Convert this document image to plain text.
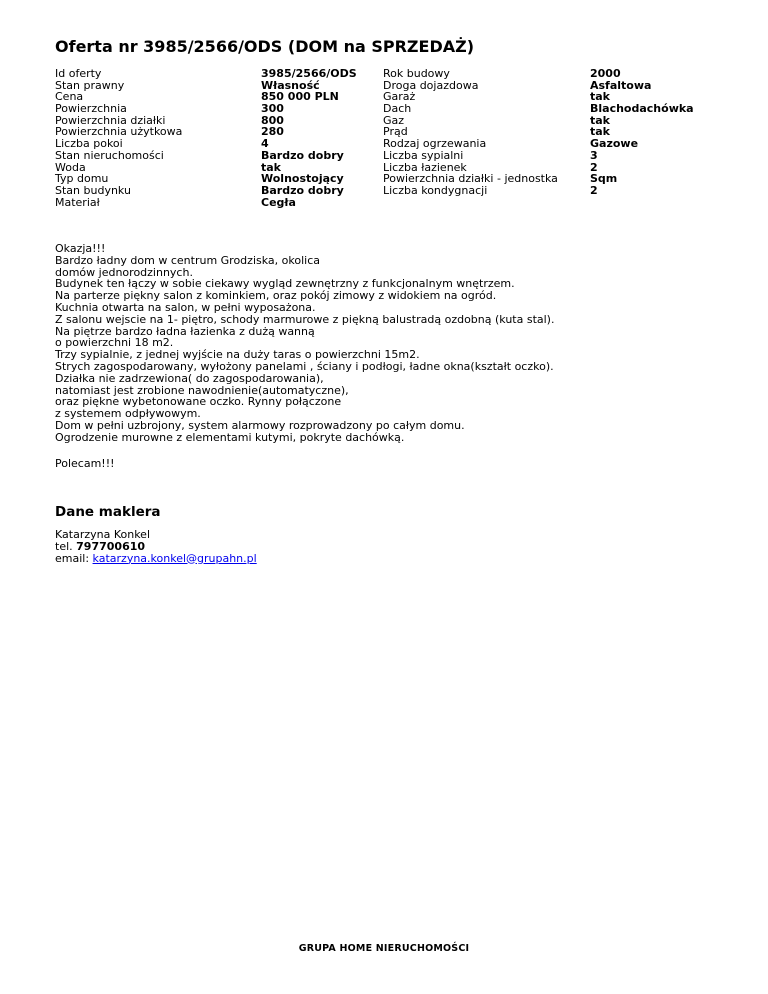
Oferta nr 3985/2566/ODS (DOM na SPRZEDAŻ)
Id oferty
Stan prawny
Cena
Powierzchnia
Powierzchnia działki
Powierzchnia użytkowa
Liczba pokoi
Stan nieruchomości
Woda
Typ domu
Stan budynku
Materiał
3985/2566/ODS
Własność
850 000 PLN
300
800
280
4
Bardzo dobry
tak
Wolnostojący
Bardzo dobry
Cegła
Rok budowy
Droga dojazdowa
Garaż
Dach
Gaz
Prąd
Rodzaj ogrzewania
Liczba sypialni
Liczba łazienek
Powierzchnia działki - jednostka
Liczba kondygnacji
2000
Asfaltowa
tak
Blachodachówka
tak
tak
Gazowe
3
2
Sqm
2

Okazja!!!
Bardzo ładny dom w centrum Grodziska, okolica
domów jednorodzinnych.
Budynek ten łączy w sobie ciekawy wygląd zewnętrzny z funkcjonalnym wnętrzem.
Na parterze piękny salon z kominkiem, oraz pokój zimowy z widokiem na ogród.
Kuchnia otwarta na salon, w pełni wyposażona.
Z salonu wejscie na 1- piętro, schody marmurowe z piękną balustradą ozdobną (kuta stal).
Na piętrze bardzo ładna łazienka z dużą wanną
o powierzchni 18 m2.
Trzy sypialnie, z jednej wyjście na duży taras o powierzchni 15m2.
Strych zagospodarowany, wyłożony panelami , ściany i podłogi, ładne okna(kształt oczko).
Działka nie zadrzewiona( do zagospodarowania),
natomiast jest zrobione nawodnienie(automatyczne),
oraz piękne wybetonowane oczko. Rynny połączone
z systemem odpływowym.
Dom w pełni uzbrojony, system alarmowy rozprowadzony po całym domu.
Ogrodzenie murowne z elementami kutymi, pokryte dachówką.

Polecam!!!

Dane maklera
Katarzyna Konkel
tel. 797700610
email: katarzyna.konkel@grupahn.pl
GRUPA HOME NIERUCHOMOŚCI
